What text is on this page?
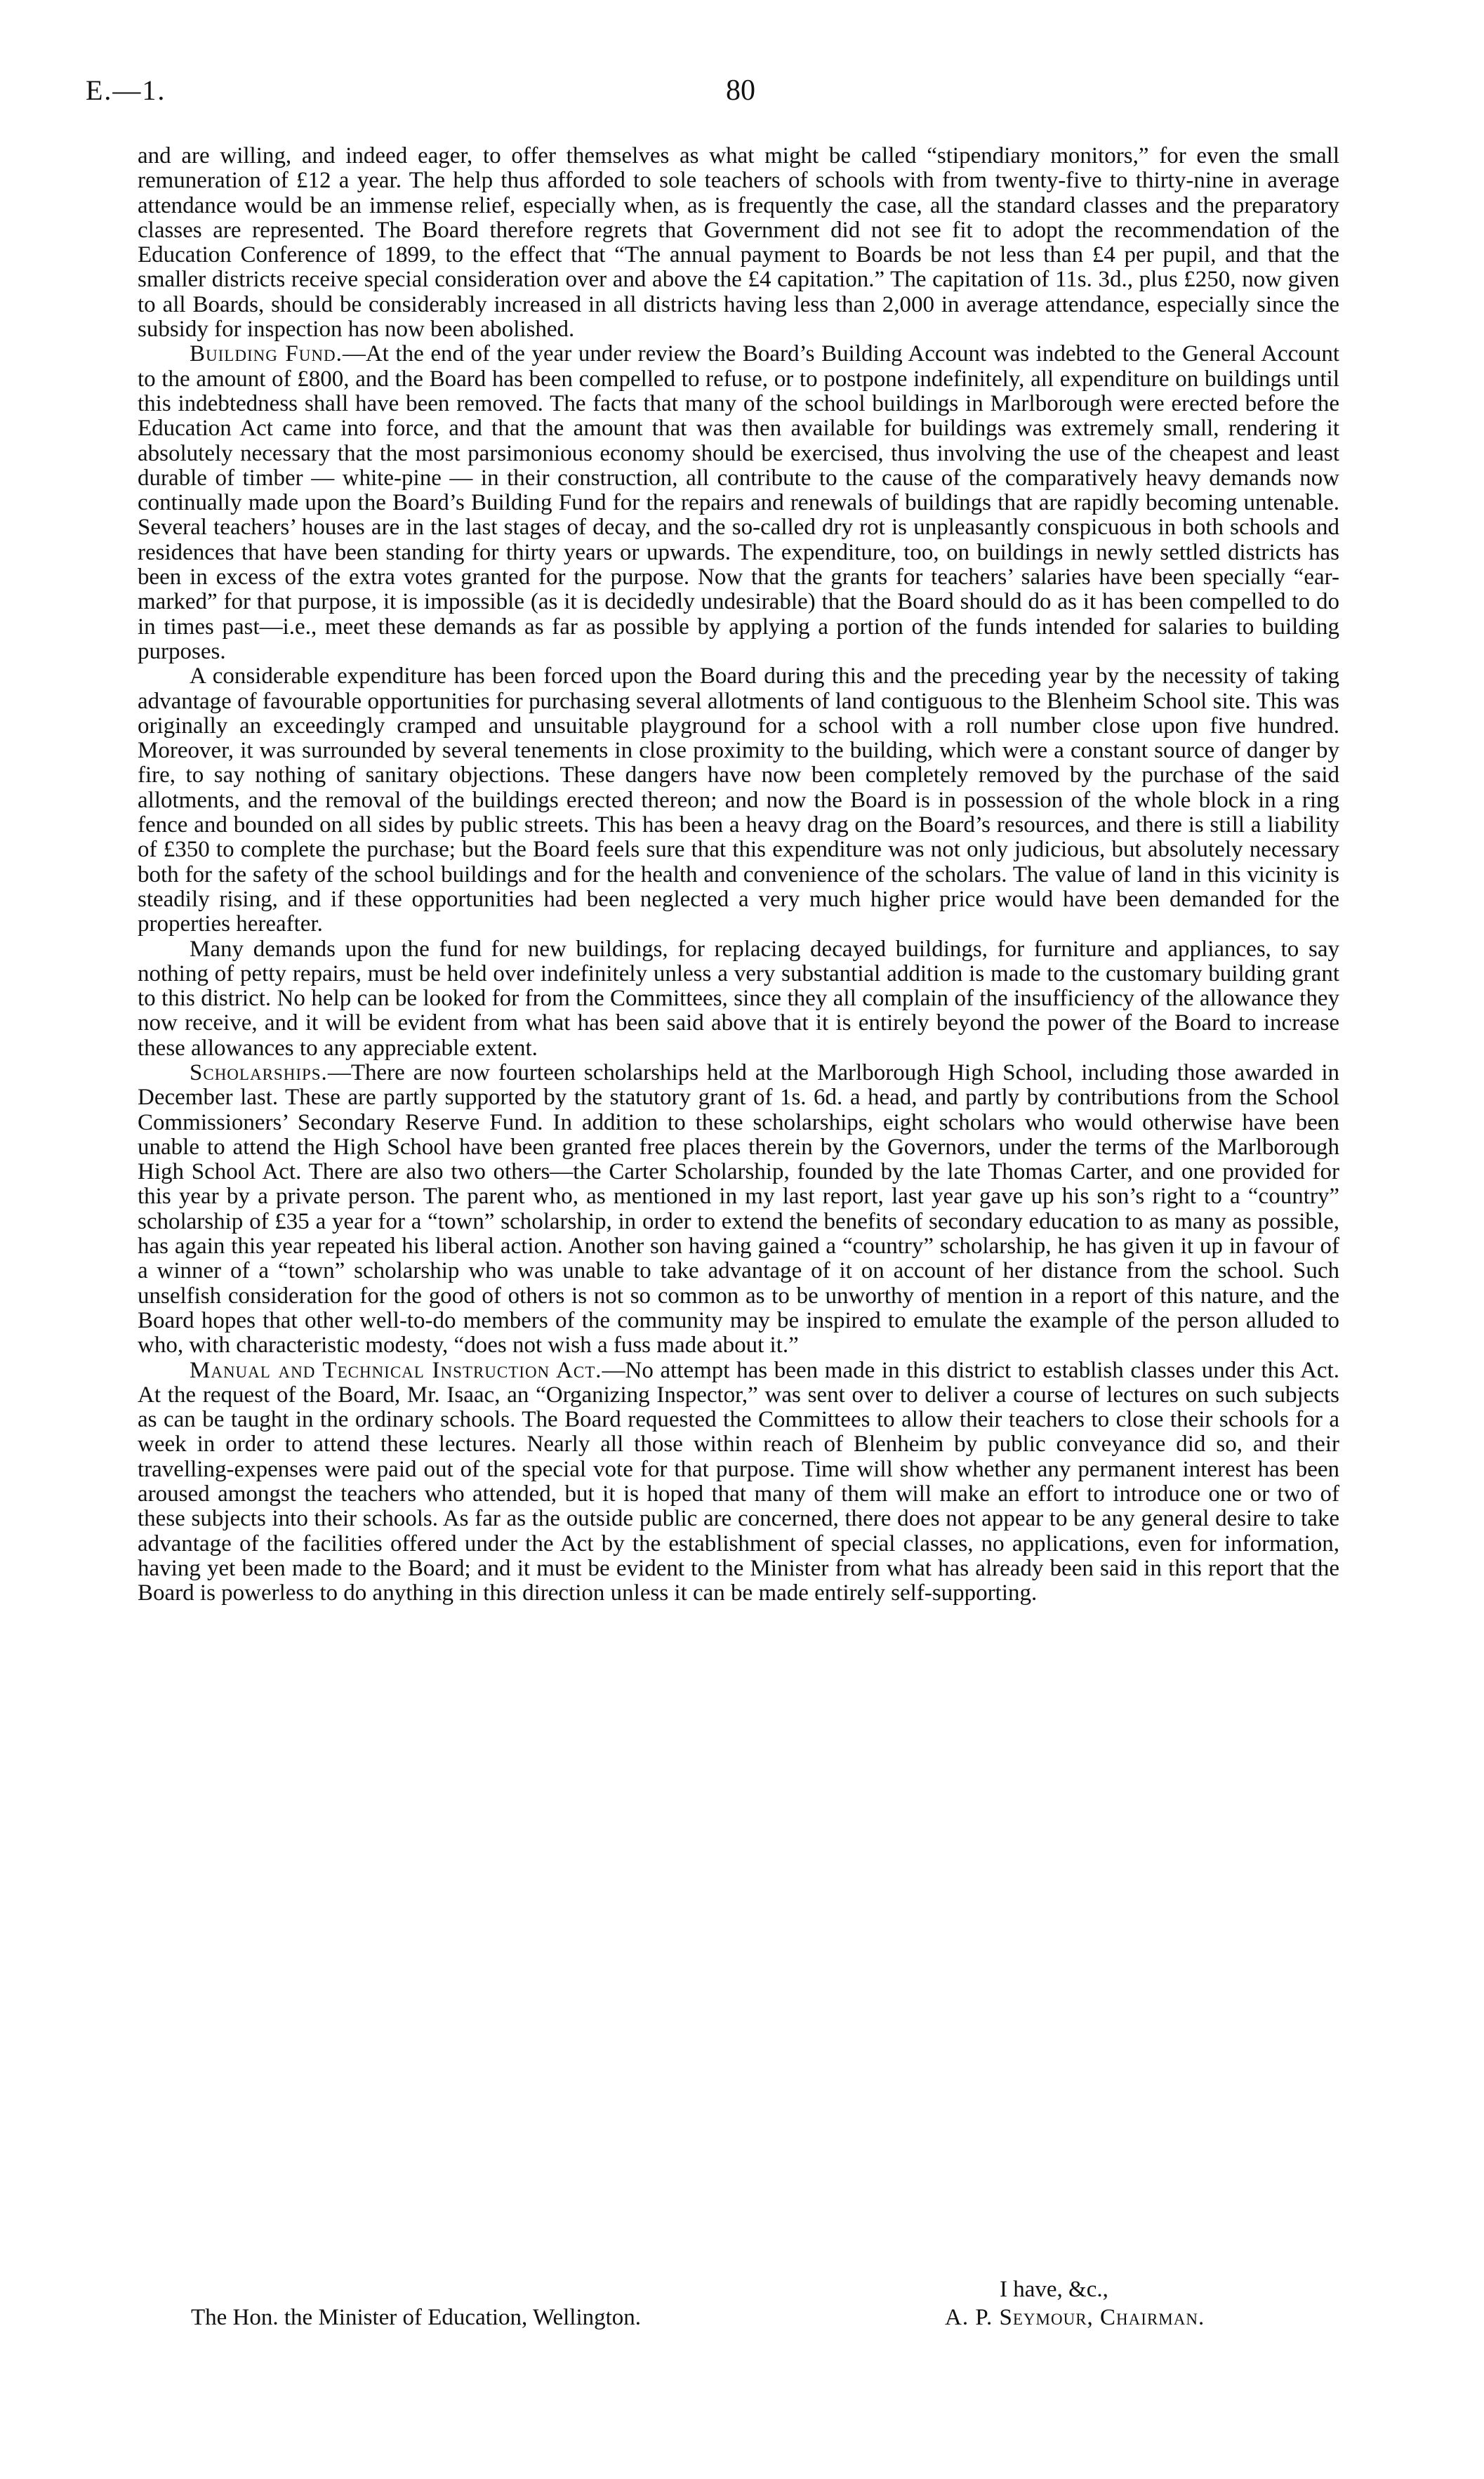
E.—1.	80

and are willing, and indeed eager, to offer themselves as what might be called “stipendiary monitors,” for even the small remuneration of £12 a year. The help thus afforded to sole teachers of schools with from twenty-five to thirty-nine in average attendance would be an immense relief, especially when, as is frequently the case, all the standard classes and the preparatory classes are represented. The Board therefore regrets that Government did not see fit to adopt the recommendation of the Education Conference of 1899, to the effect that “The annual payment to Boards be not less than £4 per pupil, and that the smaller districts receive special consideration over and above the £4 capitation.” The capitation of 11s. 3d., plus £250, now given to all Boards, should be considerably increased in all districts having less than 2,000 in average attendance, especially since the subsidy for inspection has now been abolished.

Building Fund.—At the end of the year under review the Board’s Building Account was indebted to the General Account to the amount of £800, and the Board has been compelled to refuse, or to postpone indefinitely, all expenditure on buildings until this indebtedness shall have been removed. The facts that many of the school buildings in Marlborough were erected before the Education Act came into force, and that the amount that was then available for buildings was extremely small, rendering it absolutely necessary that the most parsimonious economy should be exercised, thus involving the use of the cheapest and least durable of timber — white-pine — in their construction, all contribute to the cause of the comparatively heavy demands now continually made upon the Board’s Building Fund for the repairs and renewals of buildings that are rapidly becoming untenable. Several teachers’ houses are in the last stages of decay, and the so-called dry rot is unpleasantly conspicuous in both schools and residences that have been standing for thirty years or upwards. The expenditure, too, on buildings in newly settled districts has been in excess of the extra votes granted for the purpose. Now that the grants for teachers’ salaries have been specially “ear-marked” for that purpose, it is impossible (as it is decidedly undesirable) that the Board should do as it has been compelled to do in times past—i.e., meet these demands as far as possible by applying a portion of the funds intended for salaries to building purposes.

A considerable expenditure has been forced upon the Board during this and the preceding year by the necessity of taking advantage of favourable opportunities for purchasing several allotments of land contiguous to the Blenheim School site. This was originally an exceedingly cramped and unsuitable playground for a school with a roll number close upon five hundred. Moreover, it was surrounded by several tenements in close proximity to the building, which were a constant source of danger by fire, to say nothing of sanitary objections. These dangers have now been completely removed by the purchase of the said allotments, and the removal of the buildings erected thereon; and now the Board is in possession of the whole block in a ring fence and bounded on all sides by public streets. This has been a heavy drag on the Board’s resources, and there is still a liability of £350 to complete the purchase; but the Board feels sure that this expenditure was not only judicious, but absolutely necessary both for the safety of the school buildings and for the health and convenience of the scholars. The value of land in this vicinity is steadily rising, and if these opportunities had been neglected a very much higher price would have been demanded for the properties hereafter.

Many demands upon the fund for new buildings, for replacing decayed buildings, for furniture and appliances, to say nothing of petty repairs, must be held over indefinitely unless a very substantial addition is made to the customary building grant to this district. No help can be looked for from the Committees, since they all complain of the insufficiency of the allowance they now receive, and it will be evident from what has been said above that it is entirely beyond the power of the Board to increase these allowances to any appreciable extent.

Scholarships.—There are now fourteen scholarships held at the Marlborough High School, including those awarded in December last. These are partly supported by the statutory grant of 1s. 6d. a head, and partly by contributions from the School Commissioners’ Secondary Reserve Fund. In addition to these scholarships, eight scholars who would otherwise have been unable to attend the High School have been granted free places therein by the Governors, under the terms of the Marlborough High School Act. There are also two others—the Carter Scholarship, founded by the late Thomas Carter, and one provided for this year by a private person. The parent who, as mentioned in my last report, last year gave up his son’s right to a “country” scholarship of £35 a year for a “town” scholarship, in order to extend the benefits of secondary education to as many as possible, has again this year repeated his liberal action. Another son having gained a “country” scholarship, he has given it up in favour of a winner of a “town” scholarship who was unable to take advantage of it on account of her distance from the school. Such unselfish consideration for the good of others is not so common as to be unworthy of mention in a report of this nature, and the Board hopes that other well-to-do members of the community may be inspired to emulate the example of the person alluded to who, with characteristic modesty, “does not wish a fuss made about it.”

Manual and Technical Instruction Act.—No attempt has been made in this district to establish classes under this Act. At the request of the Board, Mr. Isaac, an “Organizing Inspector,” was sent over to deliver a course of lectures on such subjects as can be taught in the ordinary schools. The Board requested the Committees to allow their teachers to close their schools for a week in order to attend these lectures. Nearly all those within reach of Blenheim by public conveyance did so, and their travelling-expenses were paid out of the special vote for that purpose. Time will show whether any permanent interest has been aroused amongst the teachers who attended, but it is hoped that many of them will make an effort to introduce one or two of these subjects into their schools. As far as the outside public are concerned, there does not appear to be any general desire to take advantage of the facilities offered under the Act by the establishment of special classes, no applications, even for information, having yet been made to the Board; and it must be evident to the Minister from what has already been said in this report that the Board is powerless to do anything in this direction unless it can be made entirely self-supporting.

I have, &c.,
The Hon. the Minister of Education, Wellington.	A. P. Seymour, Chairman.
